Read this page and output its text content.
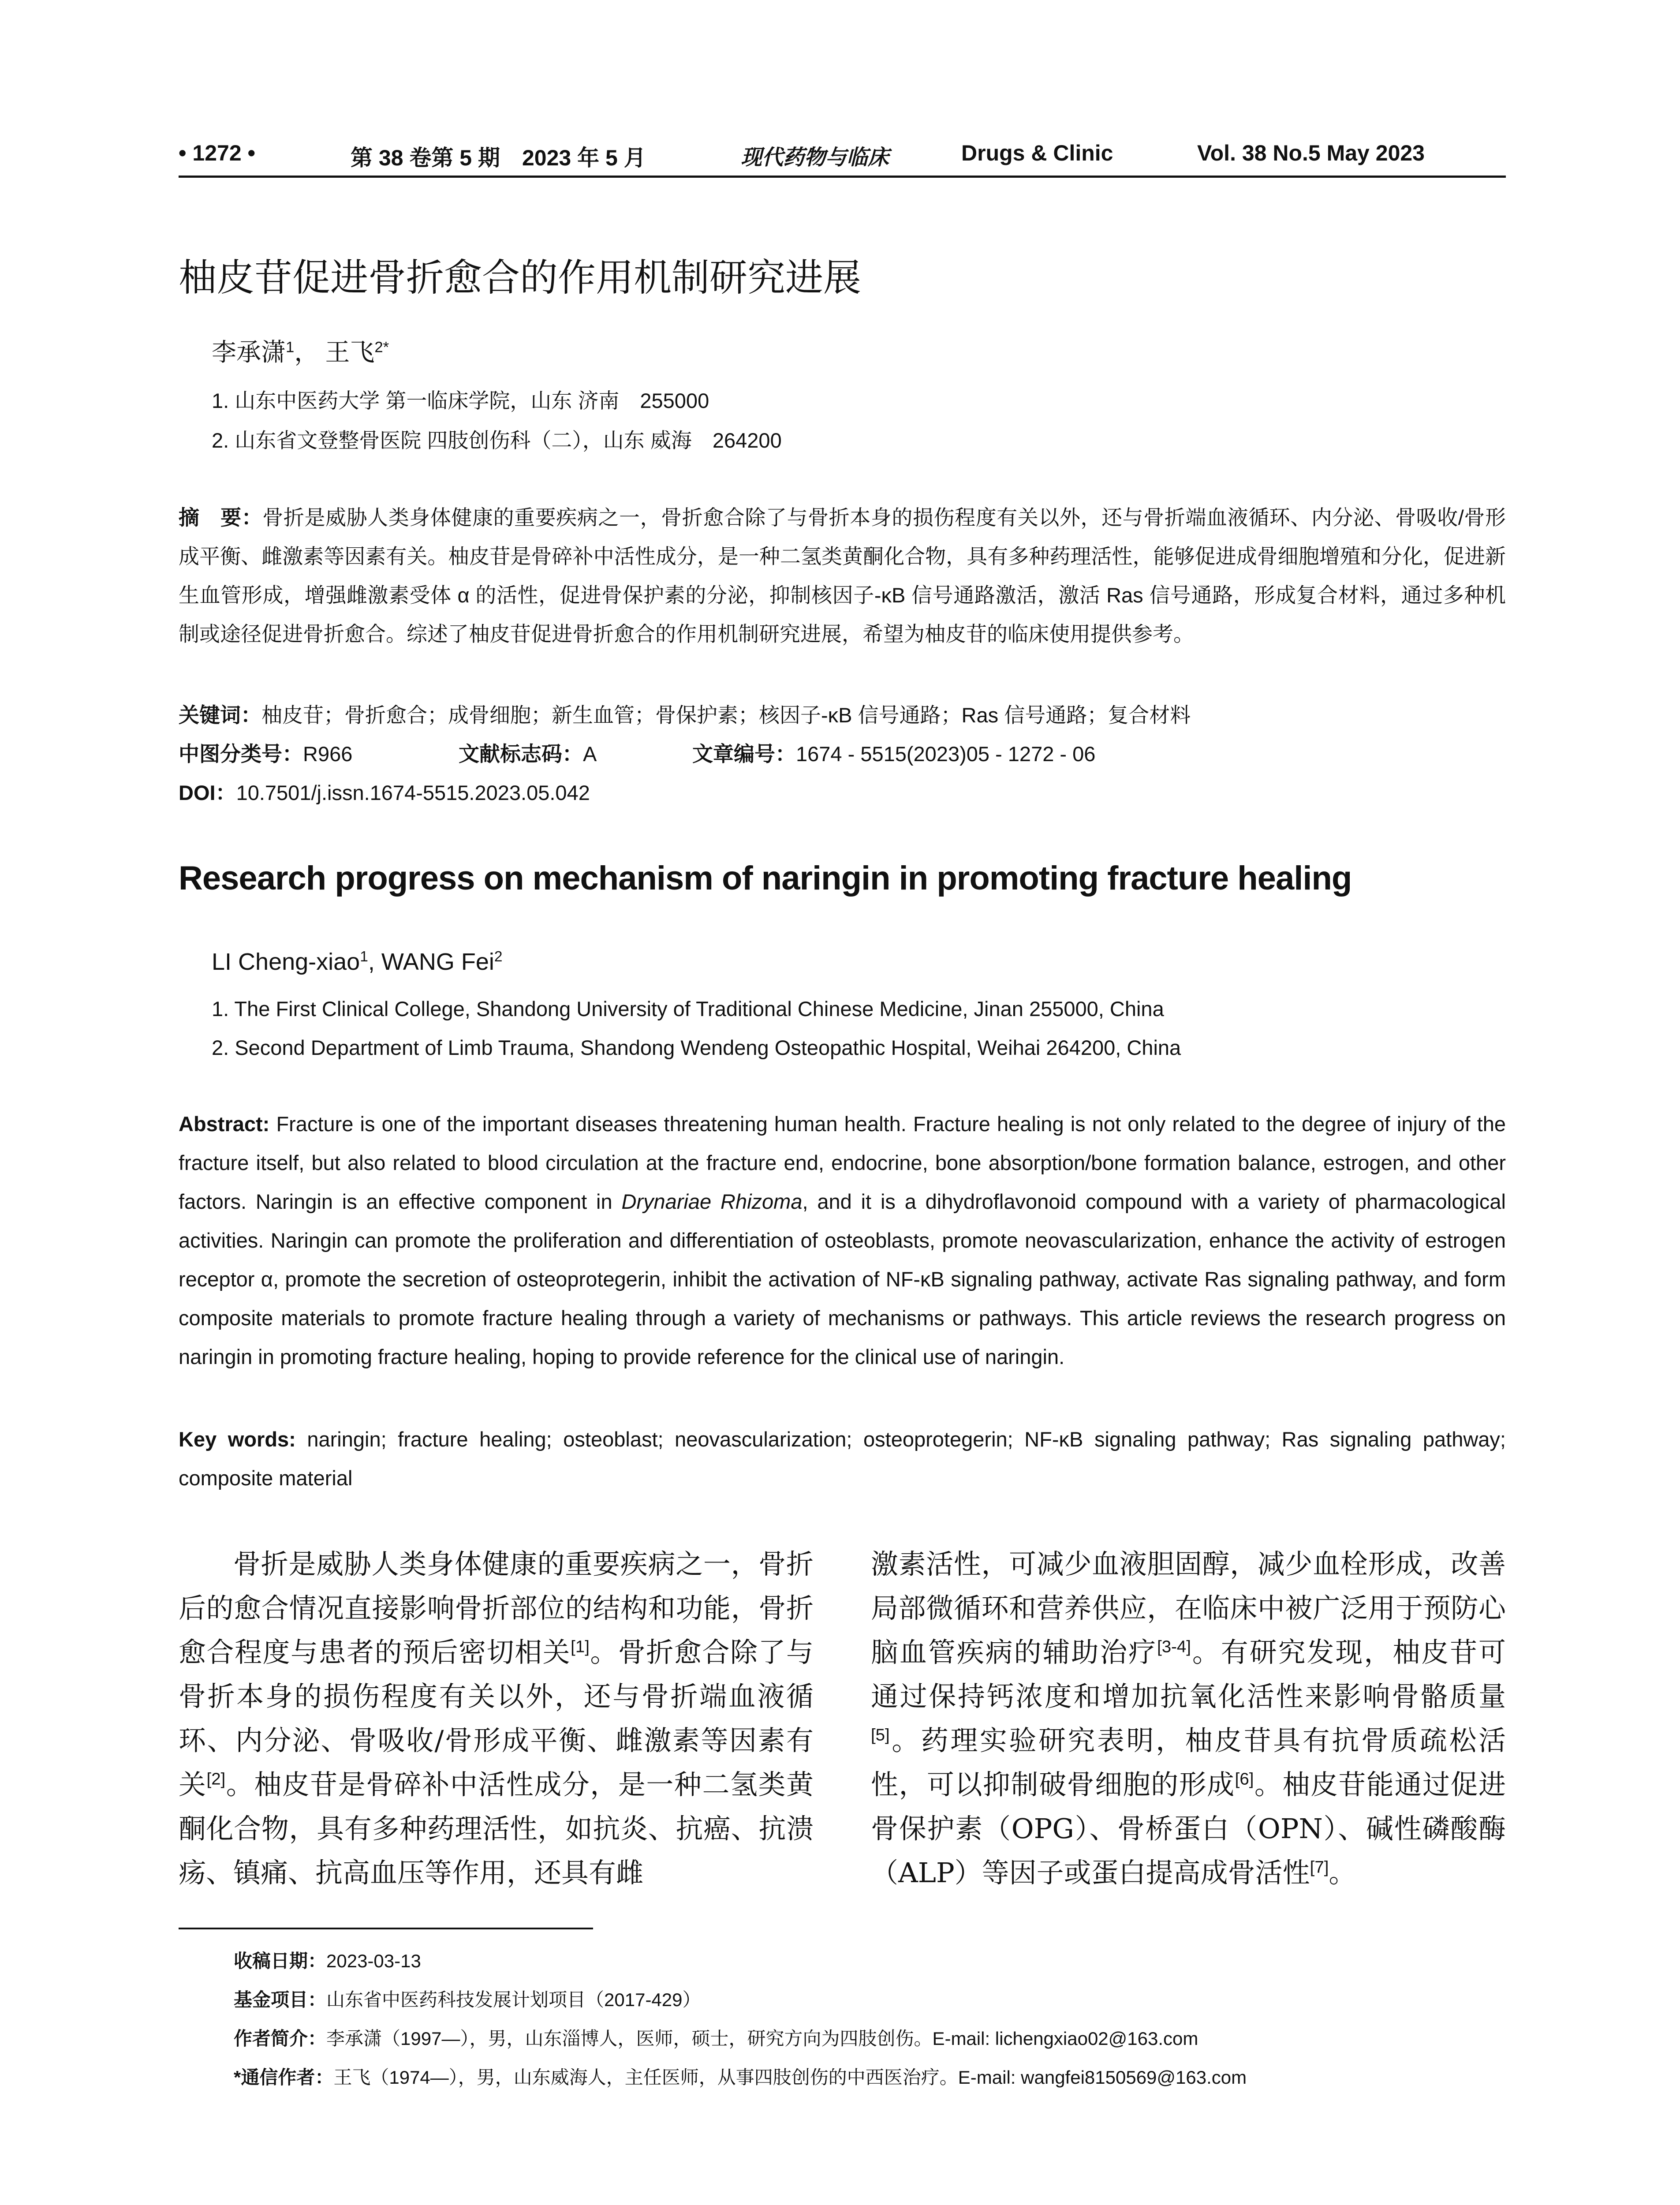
• 1272 •	第 38 卷第 5 期　2023 年 5 月	现代药物与临床	Drugs & Clinic	Vol. 38 No.5 May 2023
柚皮苷促进骨折愈合的作用机制研究进展
李承潇$^1$， 王飞$^{2*}$
1. 山东中医药大学 第一临床学院，山东 济南　255000
2. 山东省文登整骨医院 四肢创伤科（二），山东 威海　264200
摘　要：骨折是威胁人类身体健康的重要疾病之一，骨折愈合除了与骨折本身的损伤程度有关以外，还与骨折端血液循环、内分泌、骨吸收/骨形成平衡、雌激素等因素有关。柚皮苷是骨碎补中活性成分，是一种二氢类黄酮化合物，具有多种药理活性，能够促进成骨细胞增殖和分化，促进新生血管形成，增强雌激素受体 α 的活性，促进骨保护素的分泌，抑制核因子-κB 信号通路激活，激活 Ras 信号通路，形成复合材料，通过多种机制或途径促进骨折愈合。综述了柚皮苷促进骨折愈合的作用机制研究进展，希望为柚皮苷的临床使用提供参考。
关键词：柚皮苷；骨折愈合；成骨细胞；新生血管；骨保护素；核因子-κB 信号通路；Ras 信号通路；复合材料
中图分类号：R966	文献标志码：A	文章编号：1674 - 5515(2023)05 - 1272 - 06
DOI：10.7501/j.issn.1674-5515.2023.05.042
Research progress on mechanism of naringin in promoting fracture healing
LI Cheng-xiao$^1$, WANG Fei$^2$
1. The First Clinical College, Shandong University of Traditional Chinese Medicine, Jinan 255000, China
2. Second Department of Limb Trauma, Shandong Wendeng Osteopathic Hospital, Weihai 264200, China
Abstract: Fracture is one of the important diseases threatening human health. Fracture healing is not only related to the degree of injury of the fracture itself, but also related to blood circulation at the fracture end, endocrine, bone absorption/bone formation balance, estrogen, and other factors. Naringin is an effective component in Drynariae Rhizoma, and it is a dihydroflavonoid compound with a variety of pharmacological activities. Naringin can promote the proliferation and differentiation of osteoblasts, promote neovascularization, enhance the activity of estrogen receptor α, promote the secretion of osteoprotegerin, inhibit the activation of NF-κB signaling pathway, activate Ras signaling pathway, and form composite materials to promote fracture healing through a variety of mechanisms or pathways. This article reviews the research progress on naringin in promoting fracture healing, hoping to provide reference for the clinical use of naringin.
Key words: naringin; fracture healing; osteoblast; neovascularization; osteoprotegerin; NF-κB signaling pathway; Ras signaling pathway; composite material
骨折是威胁人类身体健康的重要疾病之一，骨折后的愈合情况直接影响骨折部位的结构和功能，骨折愈合程度与患者的预后密切相关[1]。骨折愈合除了与骨折本身的损伤程度有关以外，还与骨折端血液循环、内分泌、骨吸收/骨形成平衡、雌激素等因素有关[2]。柚皮苷是骨碎补中活性成分，是一种二氢类黄酮化合物，具有多种药理活性，如抗炎、抗癌、抗溃疡、镇痛、抗高血压等作用，还具有雌
激素活性，可减少血液胆固醇，减少血栓形成，改善局部微循环和营养供应，在临床中被广泛用于预防心脑血管疾病的辅助治疗[3-4]。有研究发现，柚皮苷可通过保持钙浓度和增加抗氧化活性来影响骨骼质量[5]。药理实验研究表明，柚皮苷具有抗骨质疏松活性，可以抑制破骨细胞的形成[6]。柚皮苷能通过促进骨保护素（OPG）、骨桥蛋白（OPN）、碱性磷酸酶（ALP）等因子或蛋白提高成骨活性[7]。
收稿日期：2023-03-13
基金项目：山东省中医药科技发展计划项目（2017-429）
作者简介：李承潇（1997—），男，山东淄博人，医师，硕士，研究方向为四肢创伤。E-mail: lichengxiao02@163.com
*通信作者：王飞（1974—），男，山东威海人，主任医师，从事四肢创伤的中西医治疗。E-mail: wangfei8150569@163.com
